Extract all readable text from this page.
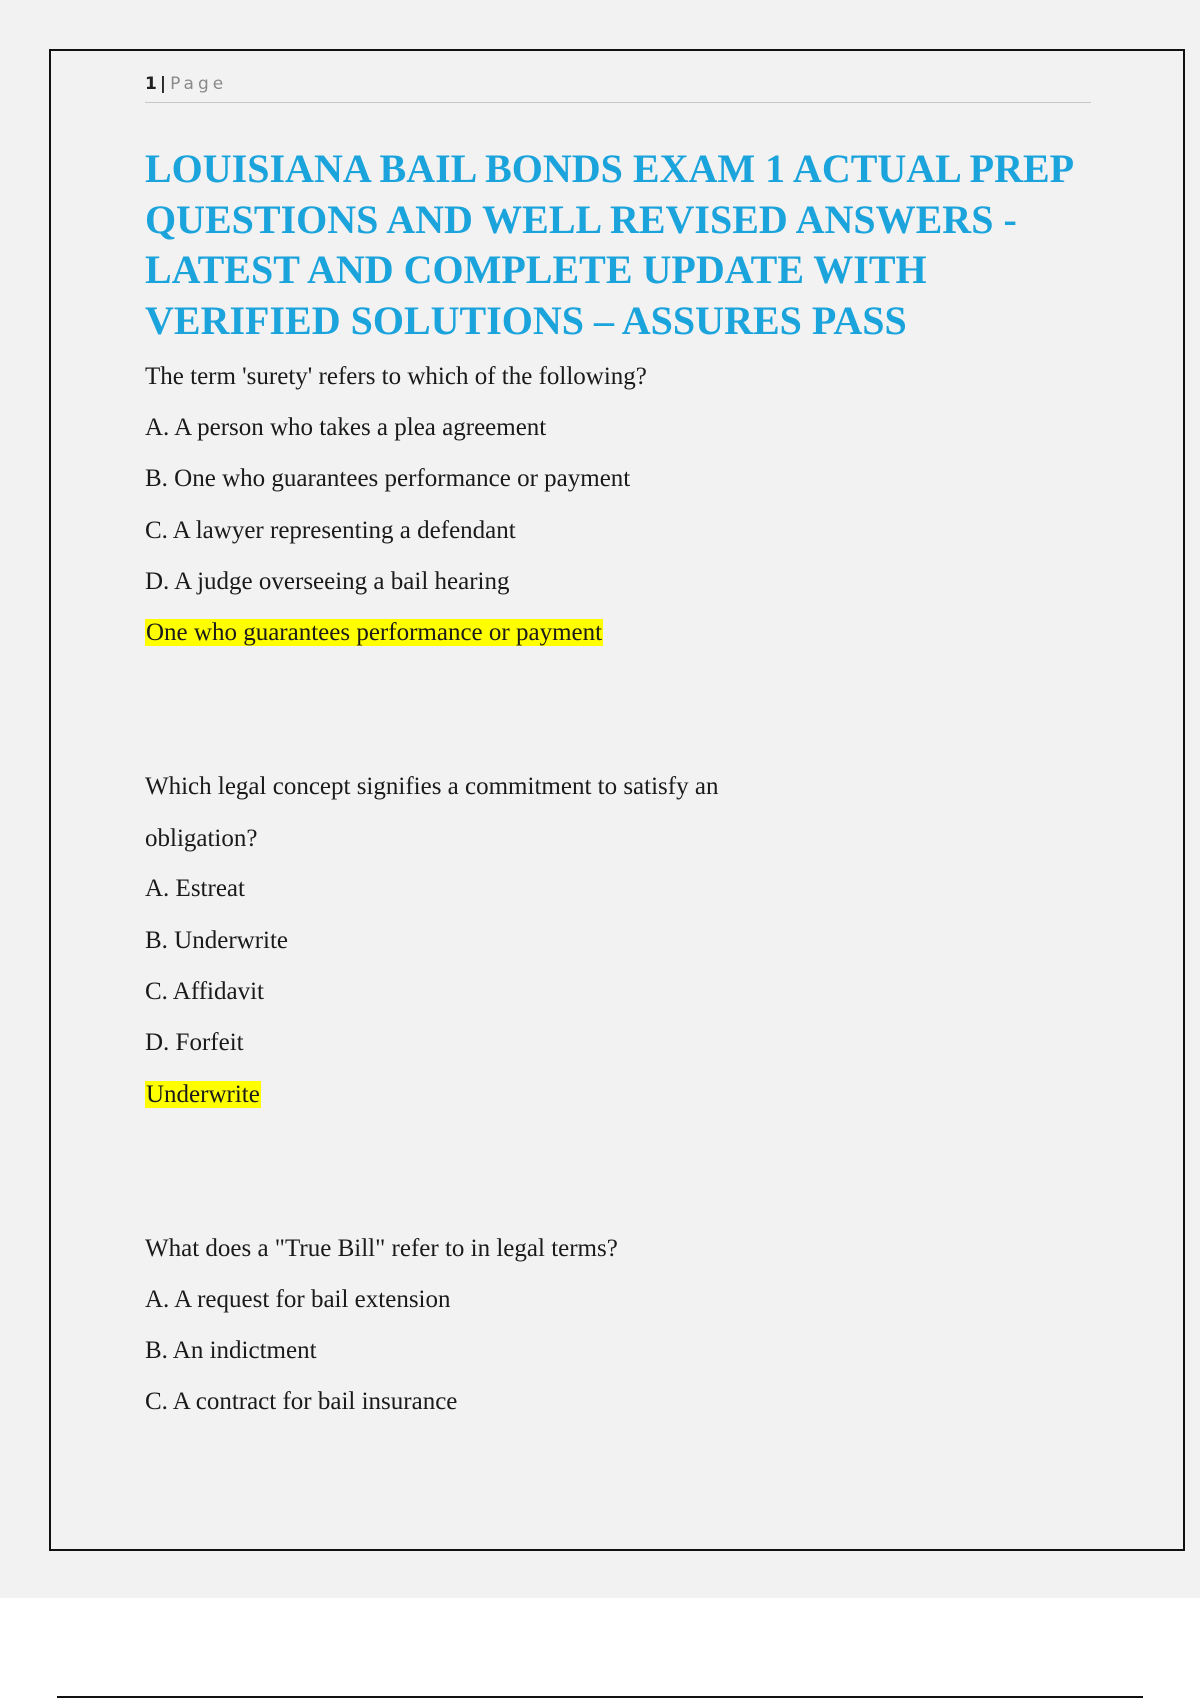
1 | Page
LOUISIANA BAIL BONDS EXAM 1 ACTUAL PREP QUESTIONS AND WELL REVISED ANSWERS - LATEST AND COMPLETE UPDATE WITH VERIFIED SOLUTIONS – ASSURES PASS

The term 'surety' refers to which of the following?

A. A person who takes a plea agreement

B. One who guarantees performance or payment

C. A lawyer representing a defendant

D. A judge overseeing a bail hearing

One who guarantees performance or payment

Which legal concept signifies a commitment to satisfy an

obligation?

A. Estreat

B. Underwrite

C. Affidavit

D. Forfeit

Underwrite

What does a "True Bill" refer to in legal terms?

A. A request for bail extension

B. An indictment

C. A contract for bail insurance
